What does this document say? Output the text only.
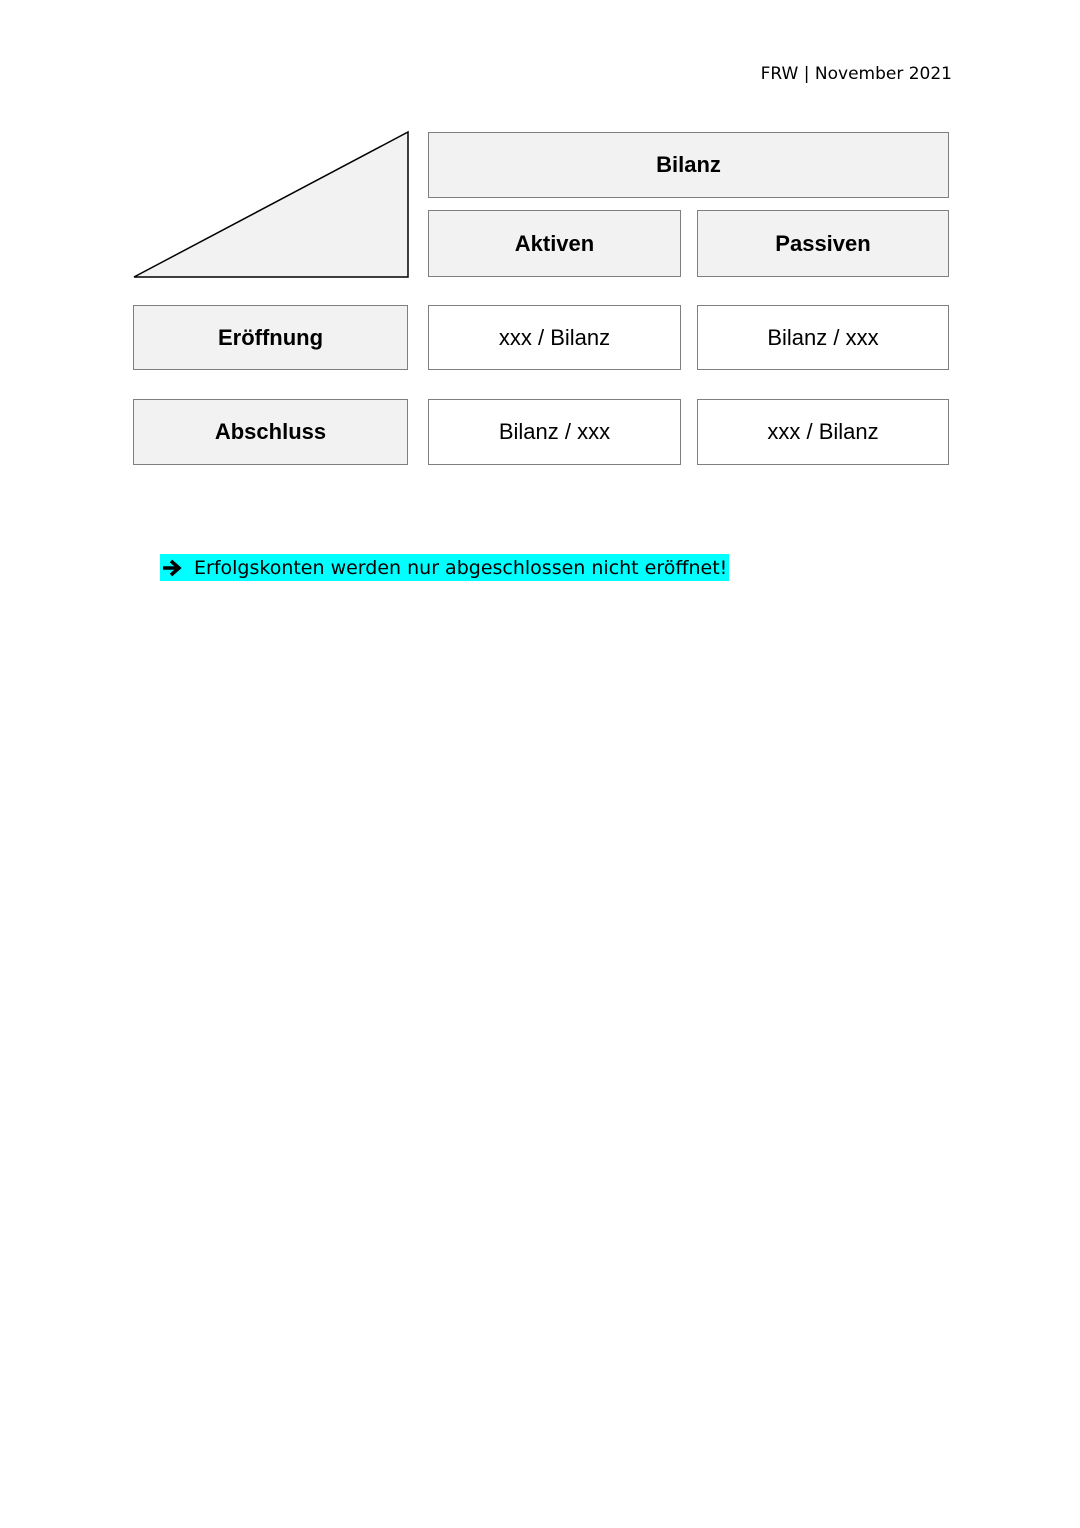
FRW | November 2021
Bilanz
Aktiven	Passiven
Eröffnung	xxx / Bilanz	Bilanz / xxx
Abschluss	Bilanz / xxx	xxx / Bilanz
Erfolgskonten werden nur abgeschlossen nicht eröffnet!
